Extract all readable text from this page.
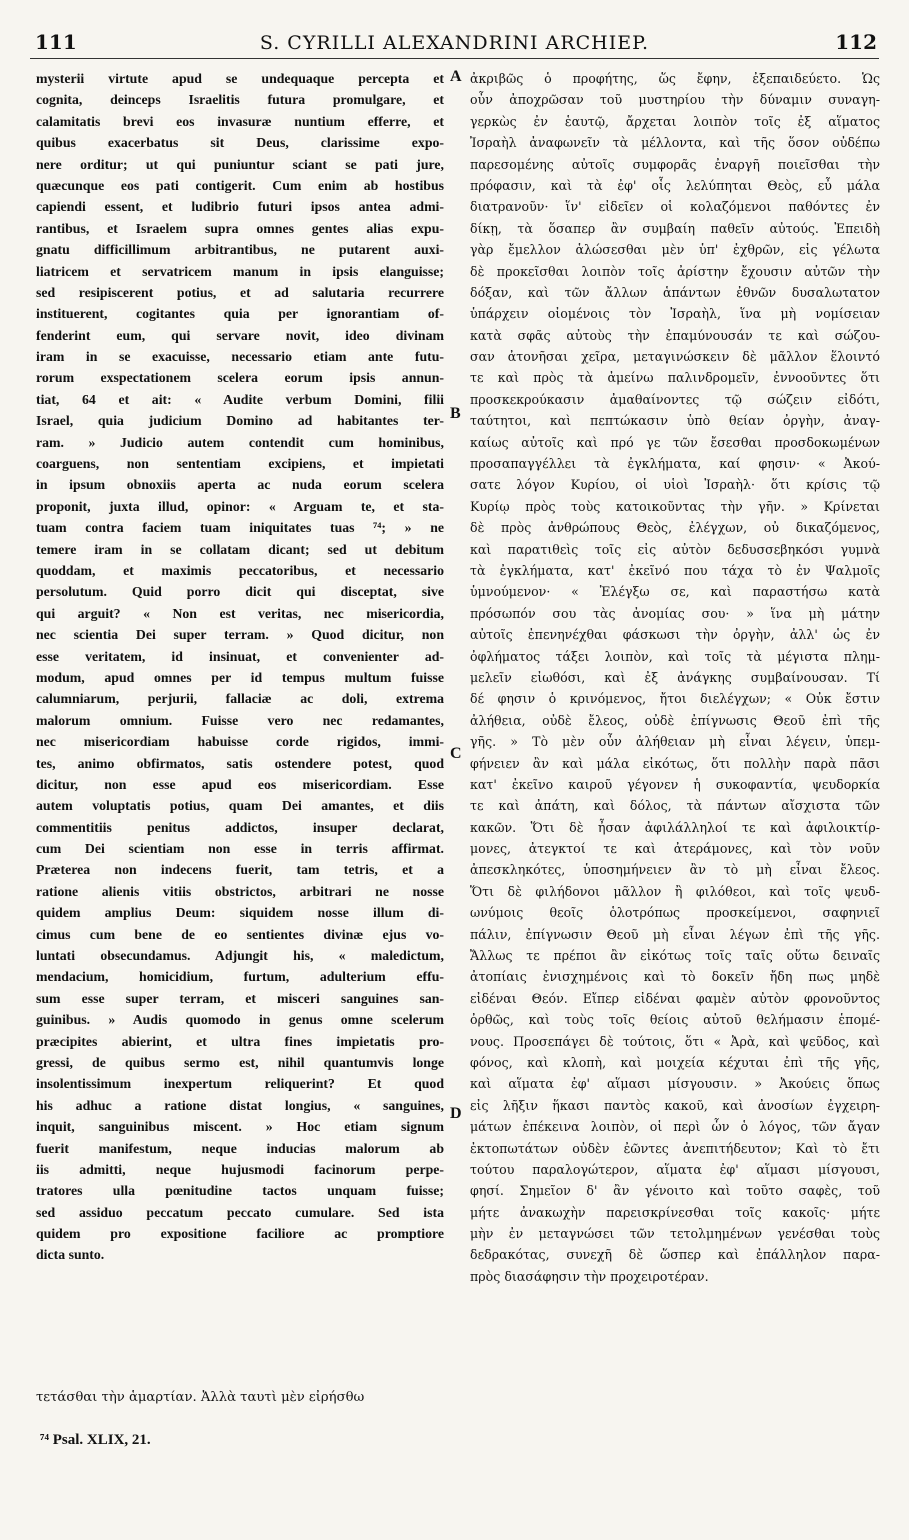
111	S. CYRILLI ALEXANDRINI ARCHIEP.	112
mysterii virtute apud se undequaque percepta et
cognita, deinceps Israelitis futura promulgare, et
calamitatis brevi eos invasuræ nuntium efferre, et
quibus exacerbatus sit Deus, clarissime expo-
nere orditur; ut qui puniuntur sciant se pati jure,
quæcunque eos pati contigerit. Cum enim ab hostibus
capiendi essent, et ludibrio futuri ipsos antea admi-
rantibus, et Israelem supra omnes gentes alias expu-
gnatu difficillimum arbitrantibus, ne putarent auxi-
liatricem et servatricem manum in ipsis elanguisse;
sed resipiscerent potius, et ad salutaria recurrere
instituerent, cogitantes quia per ignorantiam of-
fenderint eum, qui servare novit, ideo divinam
iram in se exacuisse, necessario etiam ante futu-
rorum exspectationem scelera eorum ipsis annun-
tiat, 64 et ait: « Audite verbum Domini, filii
Israel, quia judicium Domino ad habitantes ter-
ram. » Judicio autem contendit cum hominibus,
coarguens, non sententiam excipiens, et impietati
in ipsum obnoxiis aperta ac nuda eorum scelera
proponit, juxta illud, opinor: « Arguam te, et sta-
tuam contra faciem tuam iniquitates tuas ⁷⁴; » ne
temere iram in se collatam dicant; sed ut debitum
quoddam, et maximis peccatoribus, et necessario
persolutum. Quid porro dicit qui disceptat, sive
qui arguit? « Non est veritas, nec misericordia,
nec scientia Dei super terram. » Quod dicitur, non
esse veritatem, id insinuat, et convenienter ad-
modum, apud omnes per id tempus multum fuisse
calumniarum, perjurii, fallaciæ ac doli, extrema
malorum omnium. Fuisse vero nec redamantes,
nec misericordiam habuisse corde rigidos, immi-
tes, animo obfirmatos, satis ostendere potest, quod
dicitur, non esse apud eos misericordiam. Esse
autem voluptatis potius, quam Dei amantes, et diis
commentitiis penitus addictos, insuper declarat,
cum Dei scientiam non esse in terris affirmat.
Præterea non indecens fuerit, tam tetris, et a
ratione alienis vitiis obstrictos, arbitrari ne nosse
quidem amplius Deum: siquidem nosse illum di-
cimus cum bene de eo sentientes divinæ ejus vo-
luntati obsecundamus. Adjungit his, « maledictum,
mendacium, homicidium, furtum, adulterium effu-
sum esse super terram, et misceri sanguines san-
guinibus. » Audis quomodo in genus omne scelerum
præcipites abierint, et ultra fines impietatis pro-
gressi, de quibus sermo est, nihil quantumvis longe
insolentissimum inexpertum reliquerint? Et quod
his adhuc a ratione distat longius, « sanguines,
inquit, sanguinibus miscent. » Hoc etiam signum
fuerit manifestum, neque inducias malorum ab
iis admitti, neque hujusmodi facinorum perpe-
tratores ulla pœnitudine tactos unquam fuisse;
sed assiduo peccatum peccato cumulare. Sed ista
quidem pro expositione faciliore ac promptiore
dicta sunto.
ἀκριβῶς ὁ προφήτης, ὥς ἔφην, ἐξεπαιδεύετο. Ὡς
οὖν ἀποχρῶσαν τοῦ μυστηρίου τὴν δύναμιν συναγη-
γερκὼς ἐν ἑαυτῷ, ἄρχεται λοιπὸν τοῖς ἐξ αἵματος
Ἰσραὴλ ἀναφωνεῖν τὰ μέλλοντα, καὶ τῆς ὅσον οὐδέπω
παρεσομένης αὐτοῖς συμφορᾶς ἐναργῆ ποιεῖσθαι τὴν
πρόφασιν, καὶ τὰ ἐφ' οἷς λελύπηται Θεὸς, εὖ μάλα
διατρανοῦν· ἵν' εἰδεῖεν οἱ κολαζόμενοι παθόντες ἐν
δίκῃ, τὰ ὅσαπερ ἂν συμβαίη παθεῖν αὐτούς. Ἐπειδὴ
γὰρ ἔμελλον ἁλώσεσθαι μὲν ὑπ' ἐχθρῶν, εἰς γέλωτα
δὲ προκεῖσθαι λοιπὸν τοῖς ἀρίστην ἔχουσιν αὐτῶν τὴν
δόξαν, καὶ τῶν ἄλλων ἁπάντων ἐθνῶν δυσαλωτατον
ὑπάρχειν οἰομένοις τὸν Ἰσραὴλ, ἵνα μὴ νομίσειαν
κατὰ σφᾶς αὐτοὺς τὴν ἐπαμύνουσάν τε καὶ σώζου-
σαν ἀτονῆσαι χεῖρα, μεταγινώσκειν δὲ μᾶλλον ἕλοιντό
τε καὶ πρὸς τὰ ἀμείνω παλινδρομεῖν, ἐννοοῦντες ὅτι
προσκεκρούκασιν ἀμαθαίνοντες τῷ σώζειν εἰδότι,
ταύτητοι, καὶ πεπτώκασιν ὑπὸ θείαν ὀργὴν, ἀναγ-
καίως αὐτοῖς καὶ πρό γε τῶν ἔσεσθαι προσδοκωμένων
προσαπαγγέλλει τὰ ἐγκλήματα, καί φησιν· « Ἀκού-
σατε λόγον Κυρίου, οἱ υἱοὶ Ἰσραὴλ· ὅτι κρίσις τῷ
Κυρίῳ πρὸς τοὺς κατοικοῦντας τὴν γῆν. » Κρίνεται
δὲ πρὸς ἀνθρώπους Θεὸς, ἐλέγχων, οὐ δικαζόμενος,
καὶ παρατιθεὶς τοῖς εἰς αὐτὸν δεδυσσεβηκόσι γυμνὰ
τὰ ἐγκλήματα, κατ' ἐκεῖνό που τάχα τὸ ἐν Ψαλμοῖς
ὑμνούμενον· « Ἐλέγξω σε, καὶ παραστήσω κατὰ
πρόσωπόν σου τὰς ἀνομίας σου· » ἵνα μὴ μάτην
αὐτοῖς ἐπενηνέχθαι φάσκωσι τὴν ὀργὴν, ἀλλ' ὡς ἐν
ὀφλήματος τάξει λοιπὸν, καὶ τοῖς τὰ μέγιστα πλημ-
μελεῖν εἰωθόσι, καὶ ἐξ ἀνάγκης συμβαίνουσαν. Τί
δέ φησιν ὁ κρινόμενος, ἤτοι διελέγχων; « Οὐκ ἔστιν
ἀλήθεια, οὐδὲ ἔλεος, οὐδὲ ἐπίγνωσις Θεοῦ ἐπὶ τῆς
γῆς. » Τὸ μὲν οὖν ἀλήθειαν μὴ εἶναι λέγειν, ὑπεμ-
φήνειεν ἂν καὶ μάλα εἰκότως, ὅτι πολλὴν παρὰ πᾶσι
κατ' ἐκεῖνο καιροῦ γέγονεν ἡ συκοφαντία, ψευδορκία
τε καὶ ἀπάτη, καὶ δόλος, τὰ πάντων αἴσχιστα τῶν
κακῶν. Ὅτι δὲ ἦσαν ἀφιλάλληλοί τε καὶ ἀφιλοικτίρ-
μονες, ἀτεγκτοί τε καὶ ἀτεράμονες, καὶ τὸν νοῦν
ἀπεσκληκότες, ὑποσημήνειεν ἂν τὸ μὴ εἶναι ἔλεος.
Ὅτι δὲ φιλήδονοι μᾶλλον ἢ φιλόθεοι, καὶ τοῖς ψευδ-
ωνύμοις θεοῖς ὁλοτρόπως προσκείμενοι, σαφηνιεῖ
πάλιν, ἐπίγνωσιν Θεοῦ μὴ εἶναι λέγων ἐπὶ τῆς γῆς.
Ἄλλως τε πρέποι ἂν εἰκότως τοῖς ταῖς οὕτω δειναῖς
ἀτοπίαις ἐνισχημένοις καὶ τὸ δοκεῖν ἤδη πως μηδὲ
εἰδέναι Θεόν. Εἴπερ εἰδέναι φαμὲν αὐτὸν φρονοῦντος
ὀρθῶς, καὶ τοὺς τοῖς θείοις αὐτοῦ θελήμασιν ἑπομέ-
νους. Προσεπάγει δὲ τούτοις, ὅτι « Ἀρὰ, καὶ ψεῦδος, καὶ
φόνος, καὶ κλοπὴ, καὶ μοιχεία κέχυται ἐπὶ τῆς γῆς,
καὶ αἵματα ἐφ' αἵμασι μίσγουσιν. » Ἀκούεις ὅπως
εἰς λῆξιν ἥκασι παντὸς κακοῦ, καὶ ἀνοσίων ἐγχειρη-
μάτων ἐπέκεινα λοιπὸν, οἱ περὶ ὧν ὁ λόγος, τῶν ἄγαν
ἐκτοπωτάτων οὐδὲν ἐῶντες ἀνεπιτήδευτον; Καὶ τὸ ἔτι
τούτου παραλογώτερον, αἵματα ἐφ' αἵμασι μίσγουσι,
φησί. Σημεῖον δ' ἂν γένοιτο καὶ τοῦτο σαφὲς, τοῦ
μήτε ἀνακωχὴν παρεισκρίνεσθαι τοῖς κακοῖς· μήτε
μὴν ἐν μεταγνώσει τῶν τετολμημένων γενέσθαι τοὺς
δεδρακότας, συνεχῆ δὲ ὥσπερ καὶ ἐπάλληλον παρα-
πρὸς διασάφησιν τὴν προχειροτέραν.
A
B
C
D
τετάσθαι τὴν ἁμαρτίαν. Ἀλλὰ ταυτὶ μὲν εἰρήσθω
⁷⁴ Psal. XLIX, 21.
